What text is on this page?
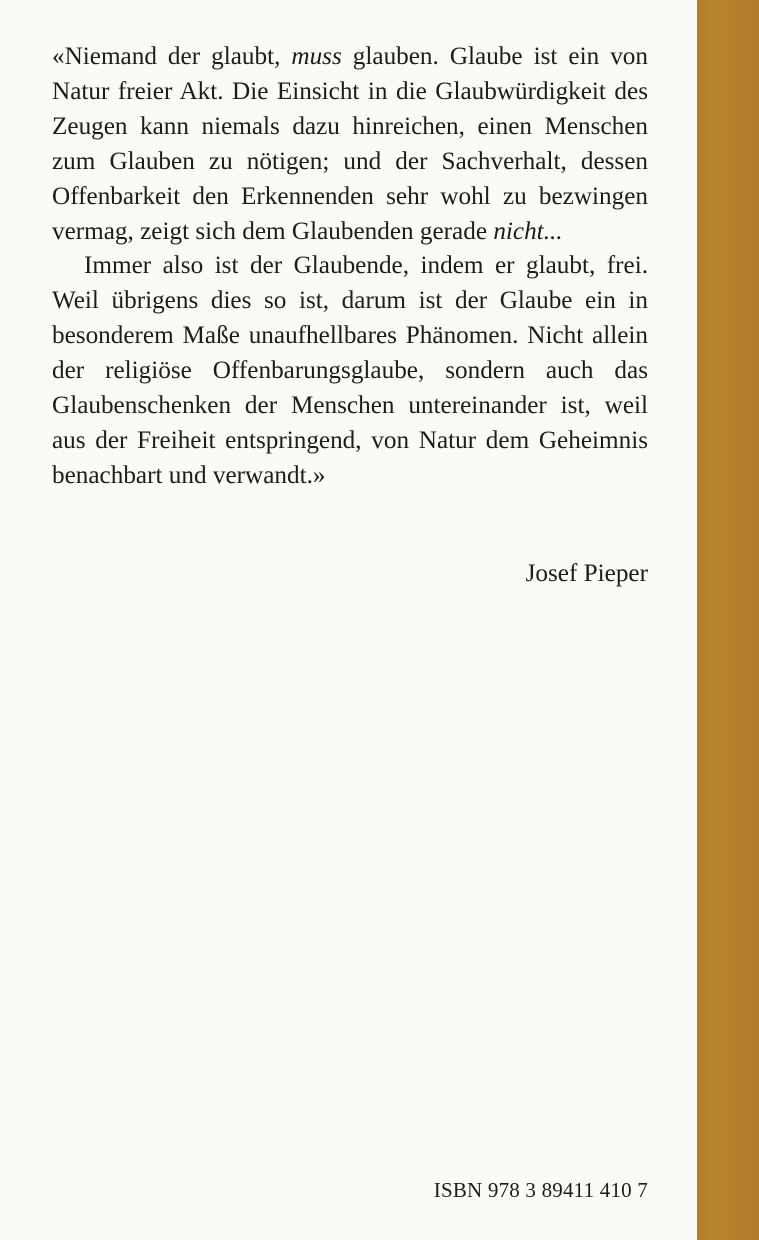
«Niemand der glaubt, muss glauben. Glaube ist ein von Natur freier Akt. Die Einsicht in die Glaubwürdigkeit des Zeugen kann niemals dazu hinreichen, einen Menschen zum Glauben zu nötigen; und der Sachverhalt, dessen Offenbarkeit den Erkennenden sehr wohl zu bezwingen vermag, zeigt sich dem Glaubenden gerade nicht...

Immer also ist der Glaubende, indem er glaubt, frei. Weil übrigens dies so ist, darum ist der Glaube ein in besonderem Maße unaufhellbares Phänomen. Nicht allein der religiöse Offenbarungsglaube, sondern auch das Glaubenschenken der Menschen untereinander ist, weil aus der Freiheit entspringend, von Natur dem Geheimnis benachbart und verwandt.»

Josef Pieper

ISBN 978 3 89411 410 7
